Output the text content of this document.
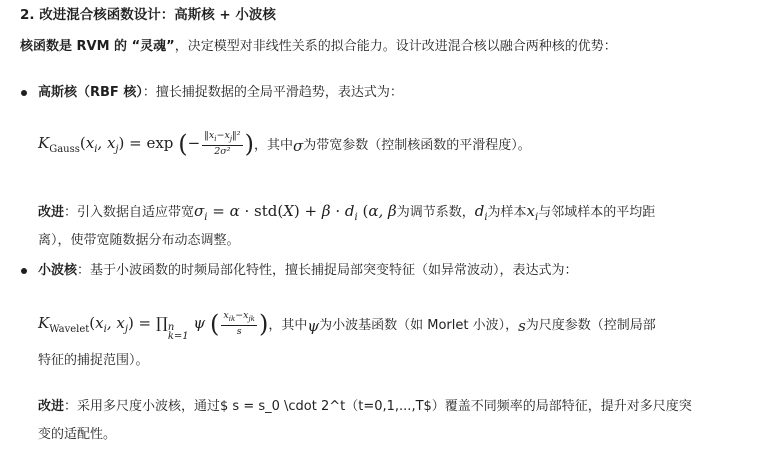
2. 改进混合核函数设计：高斯核 + 小波核
核函数是 RVM 的 “灵魂”，决定模型对非线性关系的拟合能力。设计改进混合核以融合两种核的优势：
高斯核（RBF 核）：擅长捕捉数据的全局平滑趋势，表达式为：
$K_{Gauss}(x_i$, $x_j) = \exp$ (− $\frac{‖x_i-x_j‖^2}{\text{2σ²}}$ ) ，其中 σ 为带宽参数（控制核函数的平滑程度）。
改进：引入数据自适应带宽$\sigma_i = \alpha \cdot std(X) + \beta \cdot d_i$ (α, β为调节系数，$d_i$为样本$x_i$与邻域样本的平均距
离），使带宽随数据分布动态调整。
小波核：基于小波函数的时频局部化特性，擅长捕捉局部突变特征（如异常波动），表达式为：
$K_{Wavelet}(x_i$, $x_j$) = ∏ n
k=1
ψ ( $\frac{x_{ik}-x_{jk}}{s}$ ) ，其中 ψ 为小波基函数（如 Morlet 小波）， s 为尺度参数（控制局部
特征的捕捉范围）。
改进：采用多尺度小波核，通过$ s = s_0 \cdot 2^t（t=0,1,...,T$）覆盖不同频率的局部特征，提升对多尺度突
变的适配性。
